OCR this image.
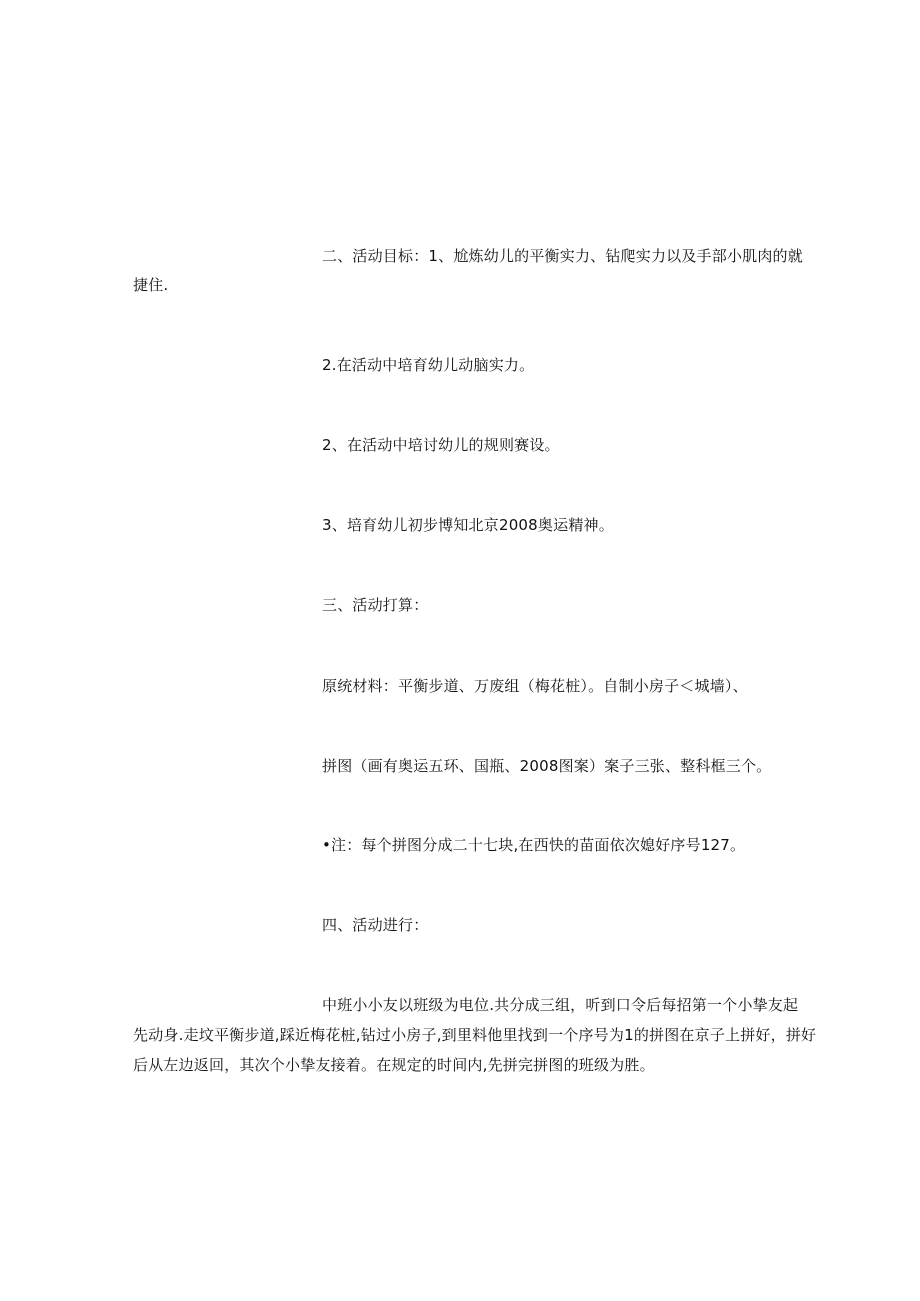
二、活动目标：1、尬炼幼儿的平衡实力、钻爬实力以及手部小肌肉的就
捷住.
2.在活动中培育幼儿动脑实力。
2、在活动中培讨幼儿的规则赛设。
3、培育幼儿初步博知北京2008奥运精神。
三、活动打算：
原统材料：平衡步道、万废组（梅花桩）。自制小房子＜城墙）、
拼图（画有奥运五环、国瓶、2008图案）案子三张、整科框三个。
•注：每个拼图分成二十七块,在西快的苗面依次媳好序号127。
四、活动进行：
中班小小友以班级为电位.共分成三组，听到口令后每招第一个小挚友起
先动身.走坟平衡步道,踩近梅花桩,钻过小房子,到里料他里找到一个序号为1的拼图在京子上拼好，拼好
后从左边返回，其次个小挚友接着。在规定的时间内,先拼完拼图的班级为胜。
